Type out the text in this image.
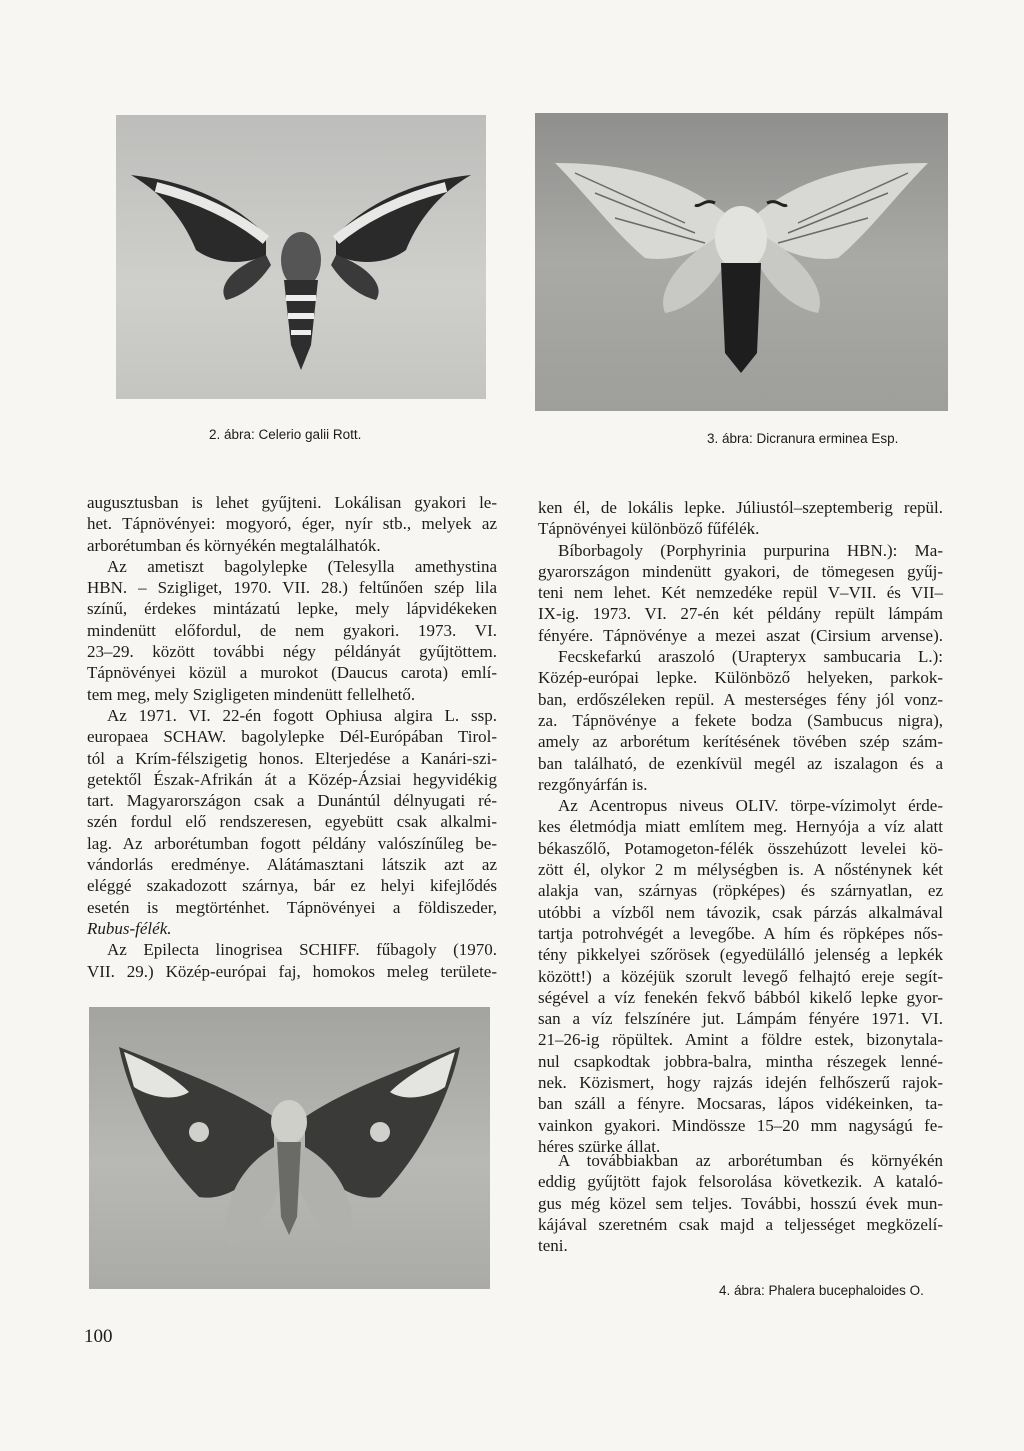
2. ábra: Celerio galii Rott.	3. ábra: Dicranura erminea Esp.
augusztusban is lehet gyűjteni. Lokálisan gyakori le-
het. Tápnövényei: mogyoró, éger, nyír stb., melyek az
arborétumban és környékén megtalálhatók.
Az ametiszt bagolylepke (Telesylla amethystina
HBN. – Szigliget, 1970. VII. 28.) feltűnően szép lila
színű, érdekes mintázatú lepke, mely lápvidékeken
mindenütt előfordul, de nem gyakori. 1973. VI.
23–29. között további négy példányát gyűjtöttem.
Tápnövényei közül a murokot (Daucus carota) emlí-
tem meg, mely Szigligeten mindenütt fellelhető.
Az 1971. VI. 22-én fogott Ophiusa algira L. ssp.
europaea SCHAW. bagolylepke Dél-Európában Tirol-
tól a Krím-félszigetig honos. Elterjedése a Kanári-szi-
getektől Észak-Afrikán át a Közép-Ázsiai hegyvidékig
tart. Magyarországon csak a Dunántúl délnyugati ré-
szén fordul elő rendszeresen, egyebütt csak alkalmi-
lag. Az arborétumban fogott példány valószínűleg be-
vándorlás eredménye. Alátámasztani látszik azt az
eléggé szakadozott szárnya, bár ez helyi kifejlődés
esetén is megtörténhet. Tápnövényei a földiszeder,
Rubus-félék.
Az Epilecta linogrisea SCHIFF. fűbagoly (1970.
VII. 29.) Közép-európai faj, homokos meleg területe-
ken él, de lokális lepke. Júliustól–szeptemberig repül.
Tápnövényei különböző fűfélék.
Bíborbagoly (Porphyrinia purpurina HBN.): Ma-
gyarországon mindenütt gyakori, de tömegesen gyűj-
teni nem lehet. Két nemzedéke repül V–VII. és VII–
IX-ig. 1973. VI. 27-én két példány repült lámpám
fényére. Tápnövénye a mezei aszat (Cirsium arvense).
Fecskefarkú araszoló (Urapteryx sambucaria L.):
Közép-európai lepke. Különböző helyeken, parkok-
ban, erdőszéleken repül. A mesterséges fény jól vonz-
za. Tápnövénye a fekete bodza (Sambucus nigra),
amely az arborétum kerítésének tövében szép szám-
ban található, de ezenkívül megél az iszalagon és a
rezgőnyárfán is.
Az Acentropus niveus OLIV. törpe-vízimolyt érde-
kes életmódja miatt említem meg. Hernyója a víz alatt
békaszőlő, Potamogeton-félék összehúzott levelei kö-
zött él, olykor 2 m mélységben is. A nősténynek két
alakja van, szárnyas (röpképes) és szárnyatlan, ez
utóbbi a vízből nem távozik, csak párzás alkalmával
tartja potrohvégét a levegőbe. A hím és röpképes nős-
tény pikkelyei szőrösek (egyedülálló jelenség a lepkék
között!) a közéjük szorult levegő felhajtó ereje segít-
ségével a víz fenekén fekvő bábból kikelő lepke gyor-
san a víz felszínére jut. Lámpám fényére 1971. VI.
21–26-ig röpültek. Amint a földre estek, bizonytala-
nul csapkodtak jobbra-balra, mintha részegek lenné-
nek. Közismert, hogy rajzás idején felhőszerű rajok-
ban száll a fényre. Mocsaras, lápos vidékeinken, ta-
vainkon gyakori. Mindössze 15–20 mm nagyságú fe-
héres szürke állat.
A továbbiakban az arborétumban és környékén
eddig gyűjtött fajok felsorolása következik. A kataló-
gus még közel sem teljes. További, hosszú évek mun-
kájával szeretném csak majd a teljességet megközelí-
teni.
4. ábra: Phalera bucephaloides O.
100
